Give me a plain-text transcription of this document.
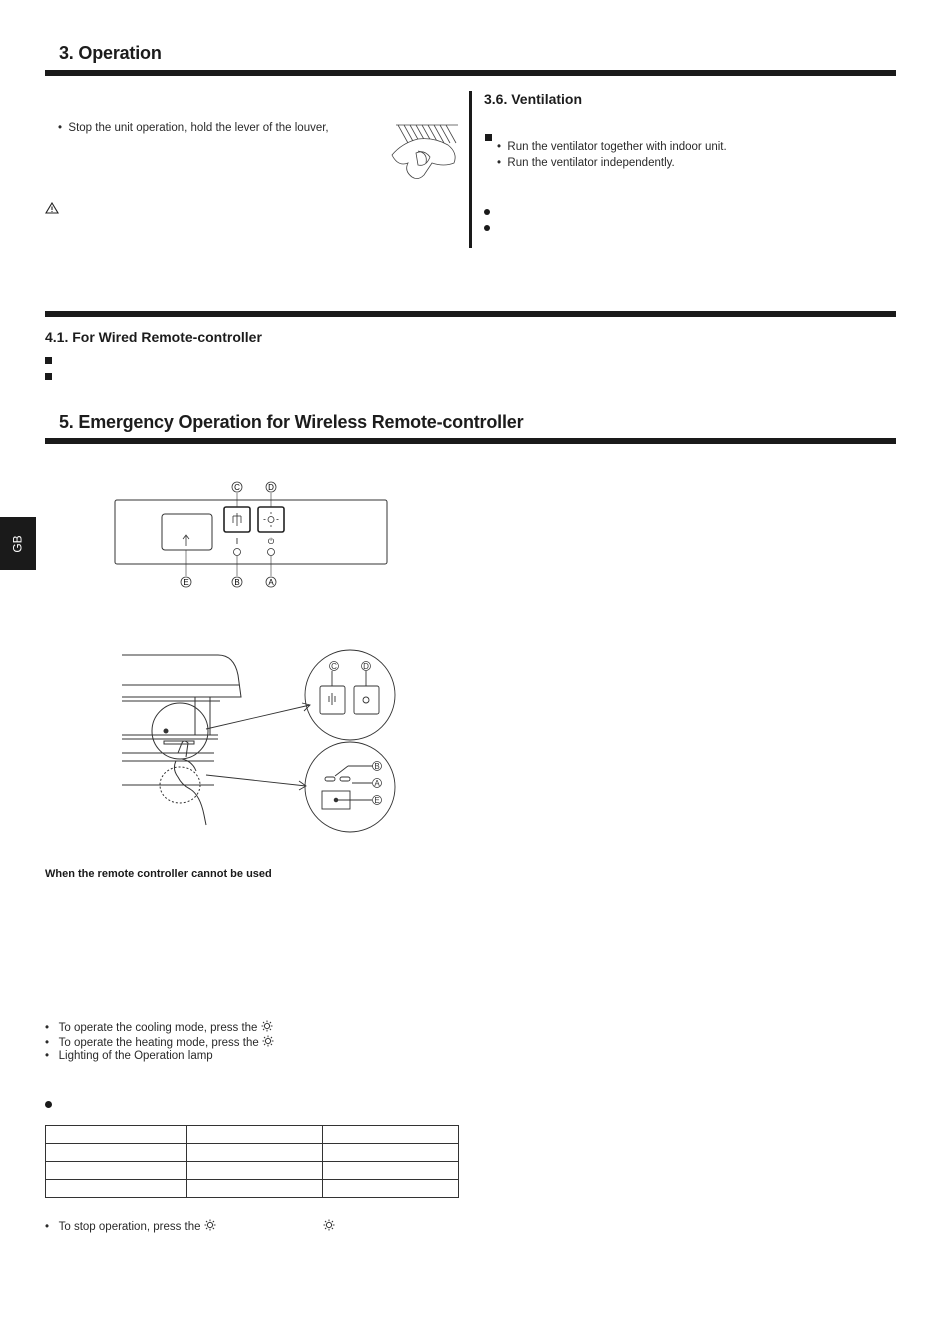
3. Operation
•  Stop the unit operation, hold the lever of the louver,
3.6. Ventilation
•  Run the ventilator together with indoor unit.
•  Run the ventilator independently.
4.1. For Wired Remote-controller
5. Emergency Operation for Wireless Remote-controller
GB
C	D
I	⏻
E	B	A
C	D
B
A
E
When the remote controller cannot be used
•   To operate the cooling mode, press the
•   To operate the heating mode, press the
•   Lighting of the Operation lamp

•   To stop operation, press the
